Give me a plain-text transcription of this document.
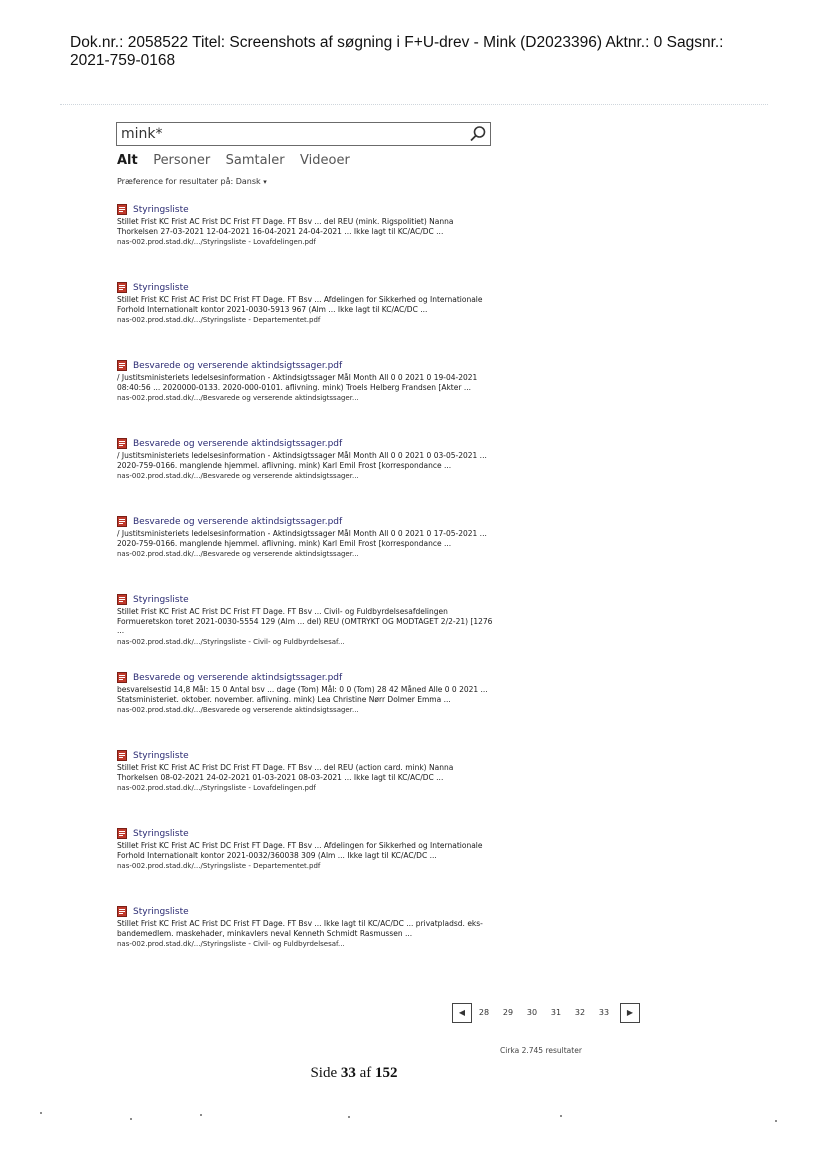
Dok.nr.: 2058522 Titel: Screenshots af søgning i F+U-drev - Mink (D2023396) Aktnr.: 0 Sagsnr.:
2021-759-0168
mink*
Alt Personer Samtaler Videoer
Præference for resultater på: Dansk ▾
Styringsliste
Stillet Frist KC Frist AC Frist DC Frist FT Dage. FT Bsv ... del REU (mink. Rigspolitiet) Nanna Thorkelsen 27-03-2021 12-04-2021 16-04-2021 24-04-2021 ... Ikke lagt til KC/AC/DC ...
nas-002.prod.stad.dk/.../Styringsliste - Lovafdelingen.pdf
Styringsliste
Stillet Frist KC Frist AC Frist DC Frist FT Dage. FT Bsv ... Afdelingen for Sikkerhed og Internationale Forhold Internationalt kontor 2021-0030-5913 967 (Alm ... Ikke lagt til KC/AC/DC ...
nas-002.prod.stad.dk/.../Styringsliste - Departementet.pdf
Besvarede og verserende aktindsigtssager.pdf
/ Justitsministeriets ledelsesinformation - Aktindsigtssager Mål Month All 0 0 2021 0 19-04-2021 08:40:56 ... 2020000-0133. 2020-000-0101. aflivning. mink) Troels Helberg Frandsen [Akter ...
nas-002.prod.stad.dk/.../Besvarede og verserende aktindsigtssager...
Besvarede og verserende aktindsigtssager.pdf
/ Justitsministeriets ledelsesinformation - Aktindsigtssager Mål Month All 0 0 2021 0 03-05-2021 ... 2020-759-0166. manglende hjemmel. aflivning. mink) Karl Emil Frost [korrespondance ...
nas-002.prod.stad.dk/.../Besvarede og verserende aktindsigtssager...
Besvarede og verserende aktindsigtssager.pdf
/ Justitsministeriets ledelsesinformation - Aktindsigtssager Mål Month All 0 0 2021 0 17-05-2021 ... 2020-759-0166. manglende hjemmel. aflivning. mink) Karl Emil Frost [korrespondance ...
nas-002.prod.stad.dk/.../Besvarede og verserende aktindsigtssager...
Styringsliste
Stillet Frist KC Frist AC Frist DC Frist FT Dage. FT Bsv ... Civil- og Fuldbyrdelsesafdelingen Formueretskon toret 2021-0030-5554 129 (Alm ... del) REU (OMTRYKT OG MODTAGET 2/2-21) [1276 ...
nas-002.prod.stad.dk/.../Styringsliste - Civil- og Fuldbyrdelsesaf...
Besvarede og verserende aktindsigtssager.pdf
besvarelsestid 14,8 Mål: 15 0 Antal bsv ... dage (Tom) Mål: 0 0 (Tom) 28 42 Måned Alle 0 0 2021 ... Statsministeriet. oktober. november. aflivning. mink) Lea Christine Nørr Dolmer Emma ...
nas-002.prod.stad.dk/.../Besvarede og verserende aktindsigtssager...
Styringsliste
Stillet Frist KC Frist AC Frist DC Frist FT Dage. FT Bsv ... del REU (action card. mink) Nanna Thorkelsen 08-02-2021 24-02-2021 01-03-2021 08-03-2021 ... Ikke lagt til KC/AC/DC ...
nas-002.prod.stad.dk/.../Styringsliste - Lovafdelingen.pdf
Styringsliste
Stillet Frist KC Frist AC Frist DC Frist FT Dage. FT Bsv ... Afdelingen for Sikkerhed og Internationale Forhold Internationalt kontor 2021-0032/360038 309 (Alm ... Ikke lagt til KC/AC/DC ...
nas-002.prod.stad.dk/.../Styringsliste - Departementet.pdf
Styringsliste
Stillet Frist KC Frist AC Frist DC Frist FT Dage. FT Bsv ... Ikke lagt til KC/AC/DC ... privatpladsd. eks-bandemedlem. maskehader, minkavlers neval Kenneth Schmidt Rasmussen ...
nas-002.prod.stad.dk/.../Styringsliste - Civil- og Fuldbyrdelsesaf...
◀	28	29	30	31	32	33	▶
Cirka 2.745 resultater
Side 33 af 152
